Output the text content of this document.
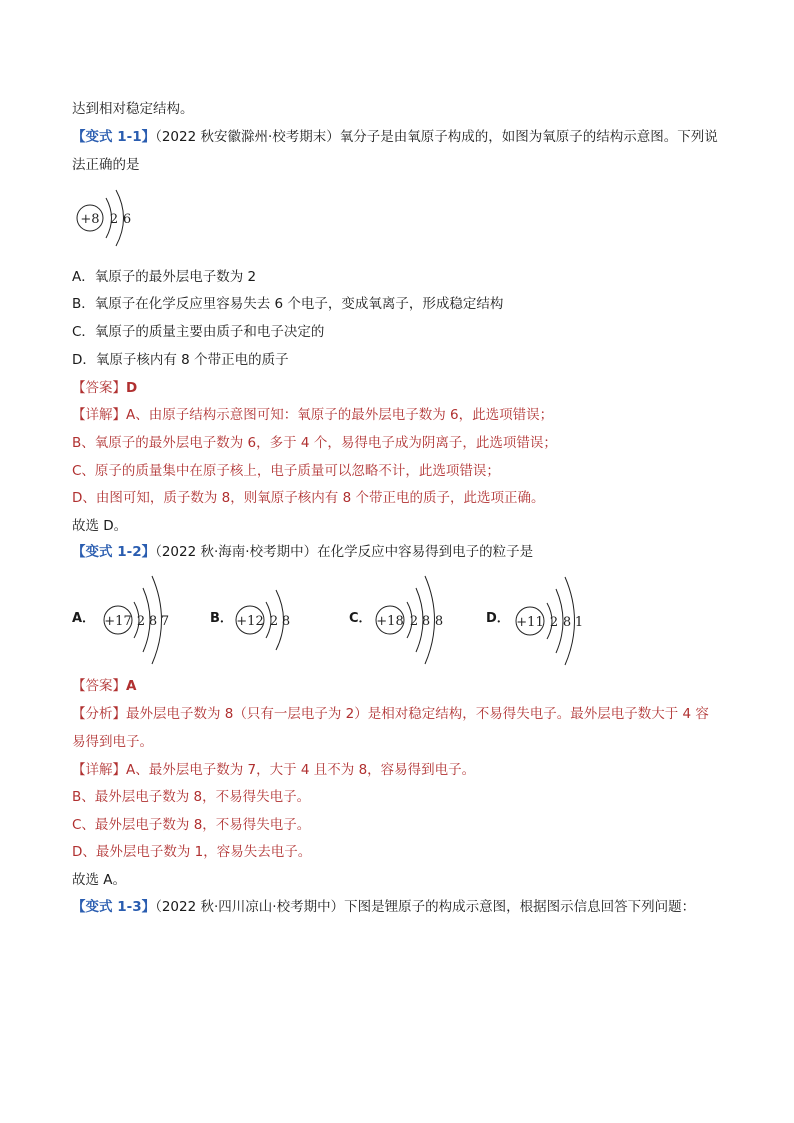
达到相对稳定结构。
【变式 1-1】（2022 秋安徽滁州·校考期末）氧分子是由氧原子构成的，如图为氧原子的结构示意图。下列说
法正确的是
+8 2 6
A．氧原子的最外层电子数为 2
B．氧原子在化学反应里容易失去 6 个电子，变成氧离子，形成稳定结构
C．氧原子的质量主要由质子和电子决定的
D．氧原子核内有 8 个带正电的质子
【答案】D
【详解】A、由原子结构示意图可知：氧原子的最外层电子数为 6，此选项错误；
B、氧原子的最外层电子数为 6，多于 4 个，易得电子成为阴离子，此选项错误；
C、原子的质量集中在原子核上，电子质量可以忽略不计，此选项错误；
D、由图可知，质子数为 8，则氧原子核内有 8 个带正电的质子，此选项正确。
故选 D。
【变式 1-2】（2022 秋·海南·校考期中）在化学反应中容易得到电子的粒子是
A． +17 2 8 7	B． +12 2 8	C． +18 2 8 8	D． +11 2 8 1
【答案】A
【分析】最外层电子数为 8（只有一层电子为 2）是相对稳定结构，不易得失电子。最外层电子数大于 4 容
易得到电子。
【详解】A、最外层电子数为 7，大于 4 且不为 8，容易得到电子。
B、最外层电子数为 8，不易得失电子。
C、最外层电子数为 8，不易得失电子。
D、最外层电子数为 1，容易失去电子。
故选 A。
【变式 1-3】（2022 秋·四川凉山·校考期中）下图是锂原子的构成示意图，根据图示信息回答下列问题：
